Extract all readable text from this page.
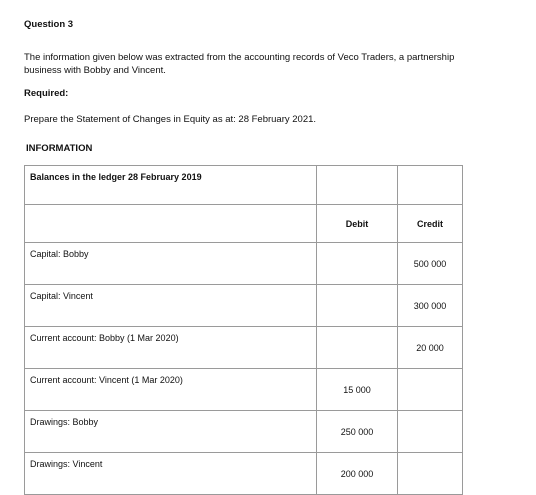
Question 3

The information given below was extracted from the accounting records of Veco Traders, a partnership

business with Bobby and Vincent.

Required:

Prepare the Statement of Changes in Equity as at: 28 February 2021.

INFORMATION

Balances in the ledger 28 February 2019		
	Debit	Credit
Capital: Bobby		500 000
Capital: Vincent		300 000
Current account: Bobby (1 Mar 2020)		20 000
Current account: Vincent (1 Mar 2020)	15 000	
Drawings: Bobby	250 000	
Drawings: Vincent	200 000	
